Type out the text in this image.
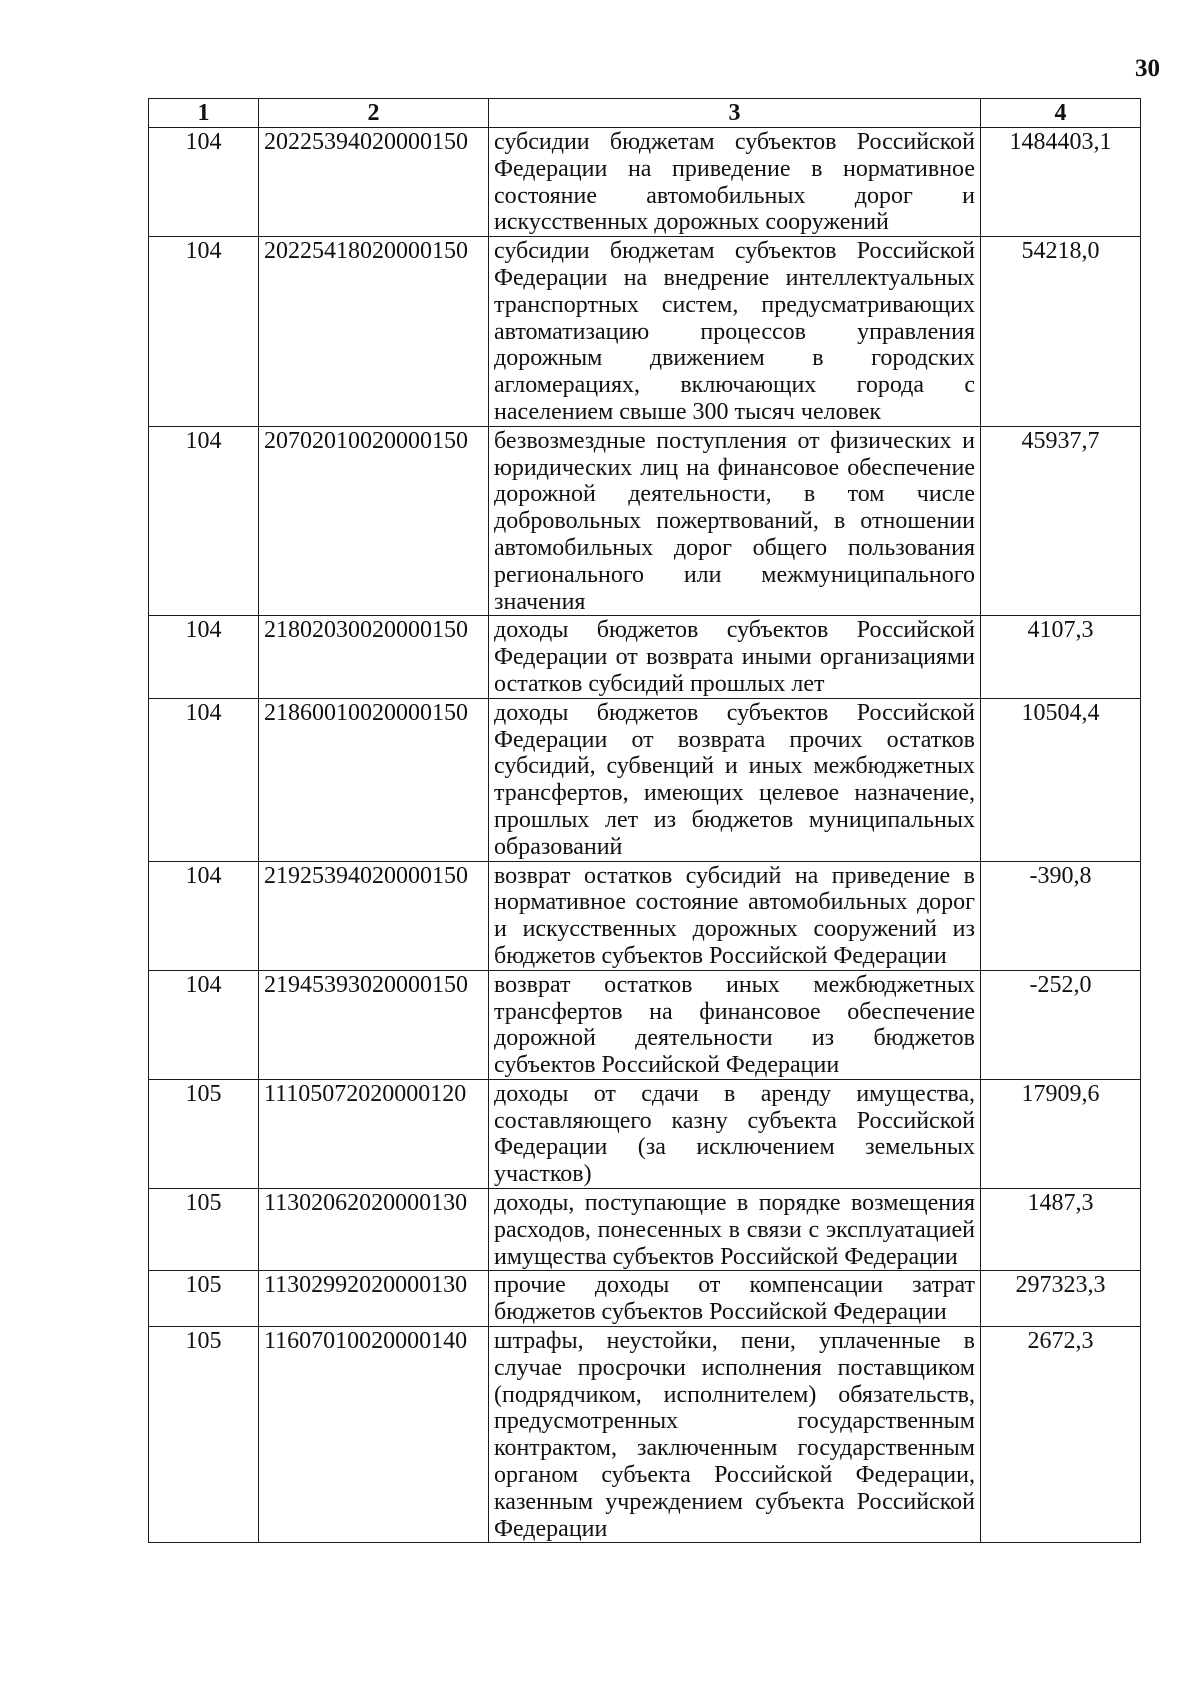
30
1	2	3	4
104	20225394020000150	субсидии бюджетам субъектов Российской Федерации на приведение в нормативное состояние автомобильных дорог и искусственных дорожных сооружений	1484403,1
104	20225418020000150	субсидии бюджетам субъектов Российской Федерации на внедрение интеллектуальных транспортных систем, предусматривающих автоматизацию процессов управления дорожным движением в городских агломерациях, включающих города с населением свыше 300 тысяч человек	54218,0
104	20702010020000150	безвозмездные поступления от физических и юридических лиц на финансовое обеспечение дорожной деятельности, в том числе добровольных пожертвований, в отношении автомобильных дорог общего пользования регионального или межмуниципального значения	45937,7
104	21802030020000150	доходы бюджетов субъектов Российской Федерации от возврата иными организациями остатков субсидий прошлых лет	4107,3
104	21860010020000150	доходы бюджетов субъектов Российской Федерации от возврата прочих остатков субсидий, субвенций и иных межбюджетных трансфертов, имеющих целевое назначение, прошлых лет из бюджетов муниципальных образований	10504,4
104	21925394020000150	возврат остатков субсидий на приведение в нормативное состояние автомобильных дорог и искусственных дорожных сооружений из бюджетов субъектов Российской Федерации	-390,8
104	21945393020000150	возврат остатков иных межбюджетных трансфертов на финансовое обеспечение дорожной деятельности из бюджетов субъектов Российской Федерации	-252,0
105	11105072020000120	доходы от сдачи в аренду имущества, составляющего казну субъекта Российской Федерации (за исключением земельных участков)	17909,6
105	11302062020000130	доходы, поступающие в порядке возмещения расходов, понесенных в связи с эксплуатацией имущества субъектов Российской Федерации	1487,3
105	11302992020000130	прочие доходы от компенсации затрат бюджетов субъектов Российской Федерации	297323,3
105	11607010020000140	штрафы, неустойки, пени, уплаченные в случае просрочки исполнения поставщиком (подрядчиком, исполнителем) обязательств, предусмотренных государственным контрактом, заключенным государственным органом субъекта Российской Федерации, казенным учреждением субъекта Российской Федерации	2672,3
